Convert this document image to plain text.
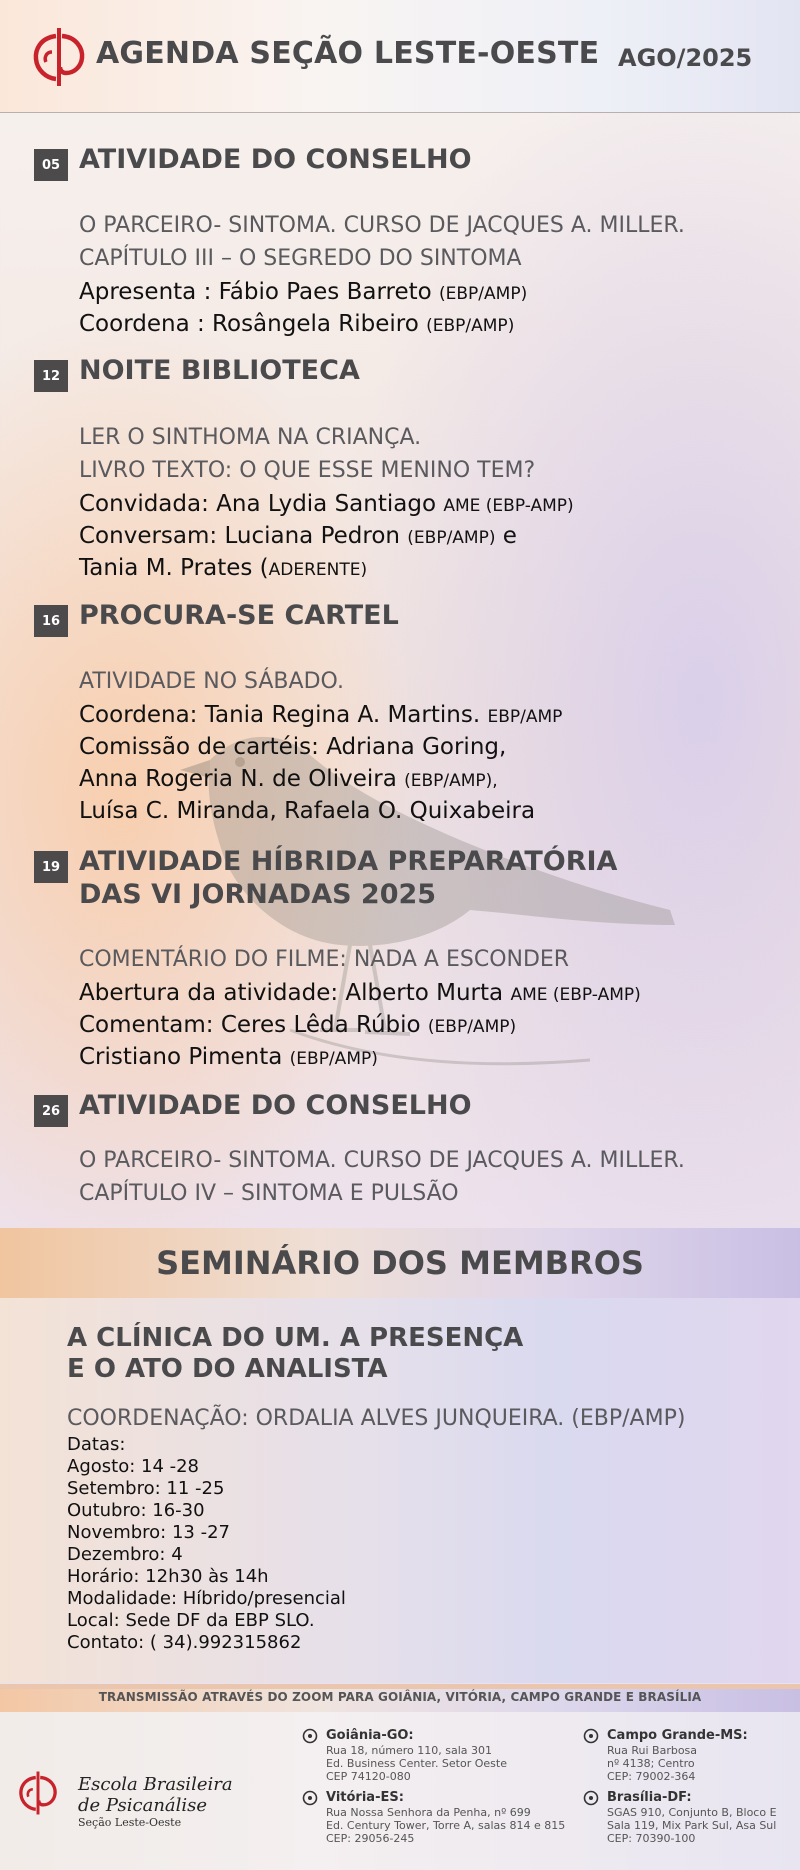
AGENDA SEÇÃO LESTE-OESTE AGO/2025
05 ATIVIDADE DO CONSELHO
O PARCEIRO- SINTOMA. CURSO DE JACQUES A. MILLER.
CAPÍTULO III – O SEGREDO DO SINTOMA
Apresenta : Fábio Paes Barreto (EBP/AMP)
Coordena : Rosângela Ribeiro (EBP/AMP)
12 NOITE BIBLIOTECA
LER O SINTHOMA NA CRIANÇA.
LIVRO TEXTO: O QUE ESSE MENINO TEM?
Convidada: Ana Lydia Santiago AME (EBP-AMP)
Conversam: Luciana Pedron (EBP/AMP) e
Tania M. Prates (ADERENTE)
16 PROCURA-SE CARTEL
ATIVIDADE NO SÁBADO.
Coordena: Tania Regina A. Martins. EBP/AMP
Comissão de cartéis: Adriana Goring,
Anna Rogeria N. de Oliveira (EBP/AMP),
Luísa C. Miranda, Rafaela O. Quixabeira
19 ATIVIDADE HÍBRIDA PREPARATÓRIA
DAS VI JORNADAS 2025
COMENTÁRIO DO FILME: NADA A ESCONDER
Abertura da atividade: Alberto Murta AME (EBP-AMP)
Comentam: Ceres Lêda Rúbio (EBP/AMP)
Cristiano Pimenta (EBP/AMP)
26 ATIVIDADE DO CONSELHO
O PARCEIRO- SINTOMA. CURSO DE JACQUES A. MILLER.
CAPÍTULO IV – SINTOMA E PULSÃO
SEMINÁRIO DOS MEMBROS
A CLÍNICA DO UM. A PRESENÇA
E O ATO DO ANALISTA
COORDENAÇÃO: ORDALIA ALVES JUNQUEIRA. (EBP/AMP)
Datas:
Agosto: 14 -28
Setembro: 11 -25
Outubro: 16-30
Novembro: 13 -27
Dezembro: 4
Horário: 12h30 às 14h
Modalidade: Híbrido/presencial
Local: Sede DF da EBP SLO.
Contato: ( 34).992315862
TRANSMISSÃO ATRAVÉS DO ZOOM PARA GOIÂNIA, VITÓRIA, CAMPO GRANDE E BRASÍLIA
Escola Brasileira
de Psicanálise
Seção Leste-Oeste
Goiânia-GO:
Rua 18, número 110, sala 301
Ed. Business Center. Setor Oeste
CEP 74120-080
Campo Grande-MS:
Rua Rui Barbosa
nº 4138; Centro
CEP: 79002-364
Vitória-ES:
Rua Nossa Senhora da Penha, nº 699
Ed. Century Tower, Torre A, salas 814 e 815
CEP: 29056-245
Brasília-DF:
SGAS 910, Conjunto B, Bloco E
Sala 119, Mix Park Sul, Asa Sul
CEP: 70390-100
